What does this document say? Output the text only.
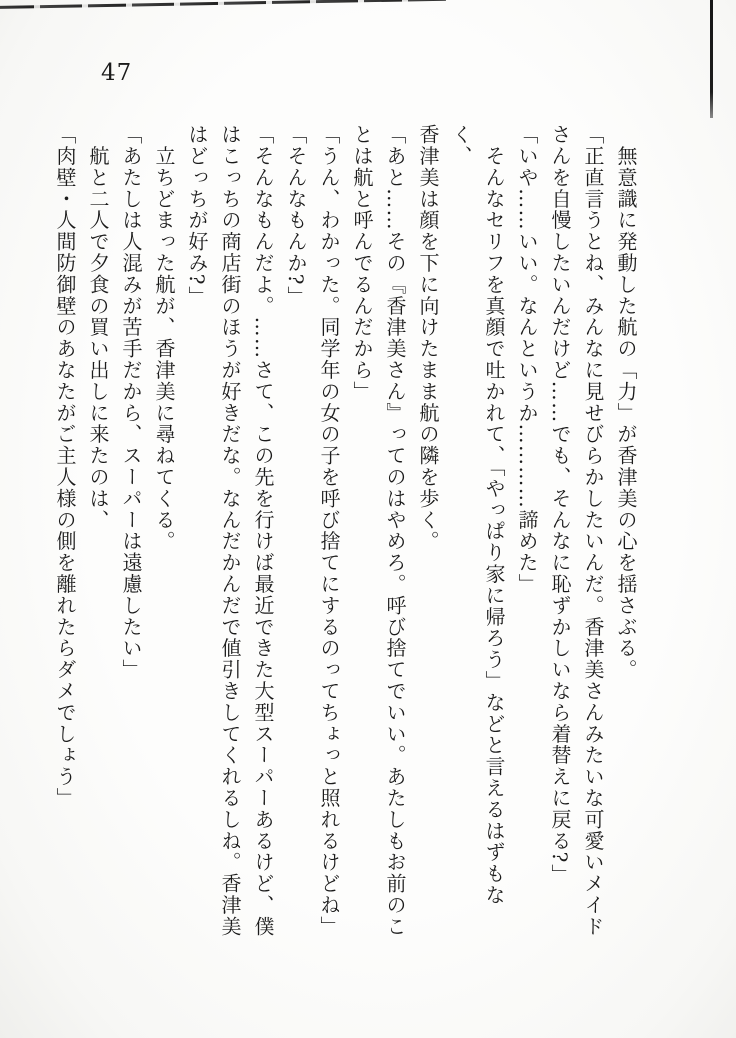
47

　無意識に発動した航の「力」が香津美の心を揺さぶる。

「正直言うとね、みんなに見せびらかしたいんだ。香津美さんみたいな可愛いメイド

さんを自慢したいんだけど……でも、そんなに恥ずかしいなら着替えに戻る?」

「いや……いい。なんというか…………諦めた」

　そんなセリフを真顔で吐かれて、「やっぱり家に帰ろう」などと言えるはずもなく、

香津美は顔を下に向けたまま航の隣を歩く。

「あと……その『香津美さん』ってのはやめろ。呼び捨てでいい。あたしもお前のこ

とは航と呼んでるんだから」

「うん、わかった。同学年の女の子を呼び捨てにするのってちょっと照れるけどね」

「そんなもんか?」

「そんなもんだよ。……さて、この先を行けば最近できた大型スーパーあるけど、僕

はこっちの商店街のほうが好きだな。なんだかんだで値引きしてくれるしね。香津美

はどっちが好み?」

　立ちどまった航が、香津美に尋ねてくる。

「あたしは人混みが苦手だから、スーパーは遠慮したい」

　航と二人で夕食の買い出しに来たのは、

「肉壁・人間防御壁のあなたがご主人様の側を離れたらダメでしょう」
